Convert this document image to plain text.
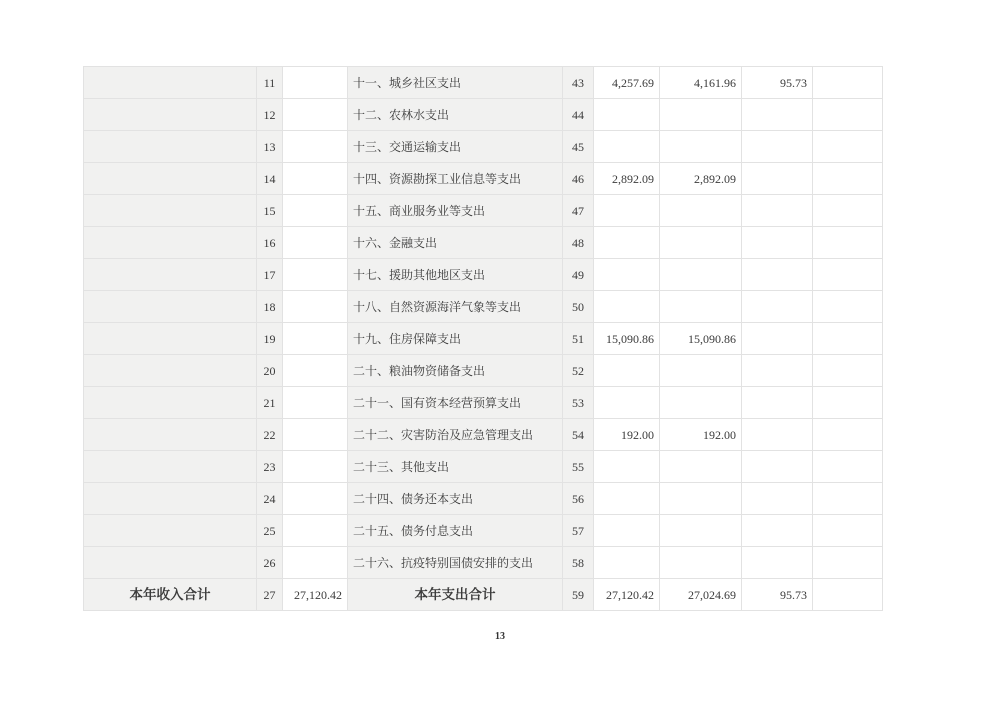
	11		十一、城乡社区支出	43	4,257.69	4,161.96	95.73	
	12		十二、农林水支出	44				
	13		十三、交通运输支出	45				
	14		十四、资源勘探工业信息等支出	46	2,892.09	2,892.09		
	15		十五、商业服务业等支出	47				
	16		十六、金融支出	48				
	17		十七、援助其他地区支出	49				
	18		十八、自然资源海洋气象等支出	50				
	19		十九、住房保障支出	51	15,090.86	15,090.86		
	20		二十、粮油物资储备支出	52				
	21		二十一、国有资本经营预算支出	53				
	22		二十二、灾害防治及应急管理支出	54	192.00	192.00		
	23		二十三、其他支出	55				
	24		二十四、债务还本支出	56				
	25		二十五、债务付息支出	57				
	26		二十六、抗疫特别国债安排的支出	58				
本年收入合计	27	27,120.42	本年支出合计	59	27,120.42	27,024.69	95.73	
13
